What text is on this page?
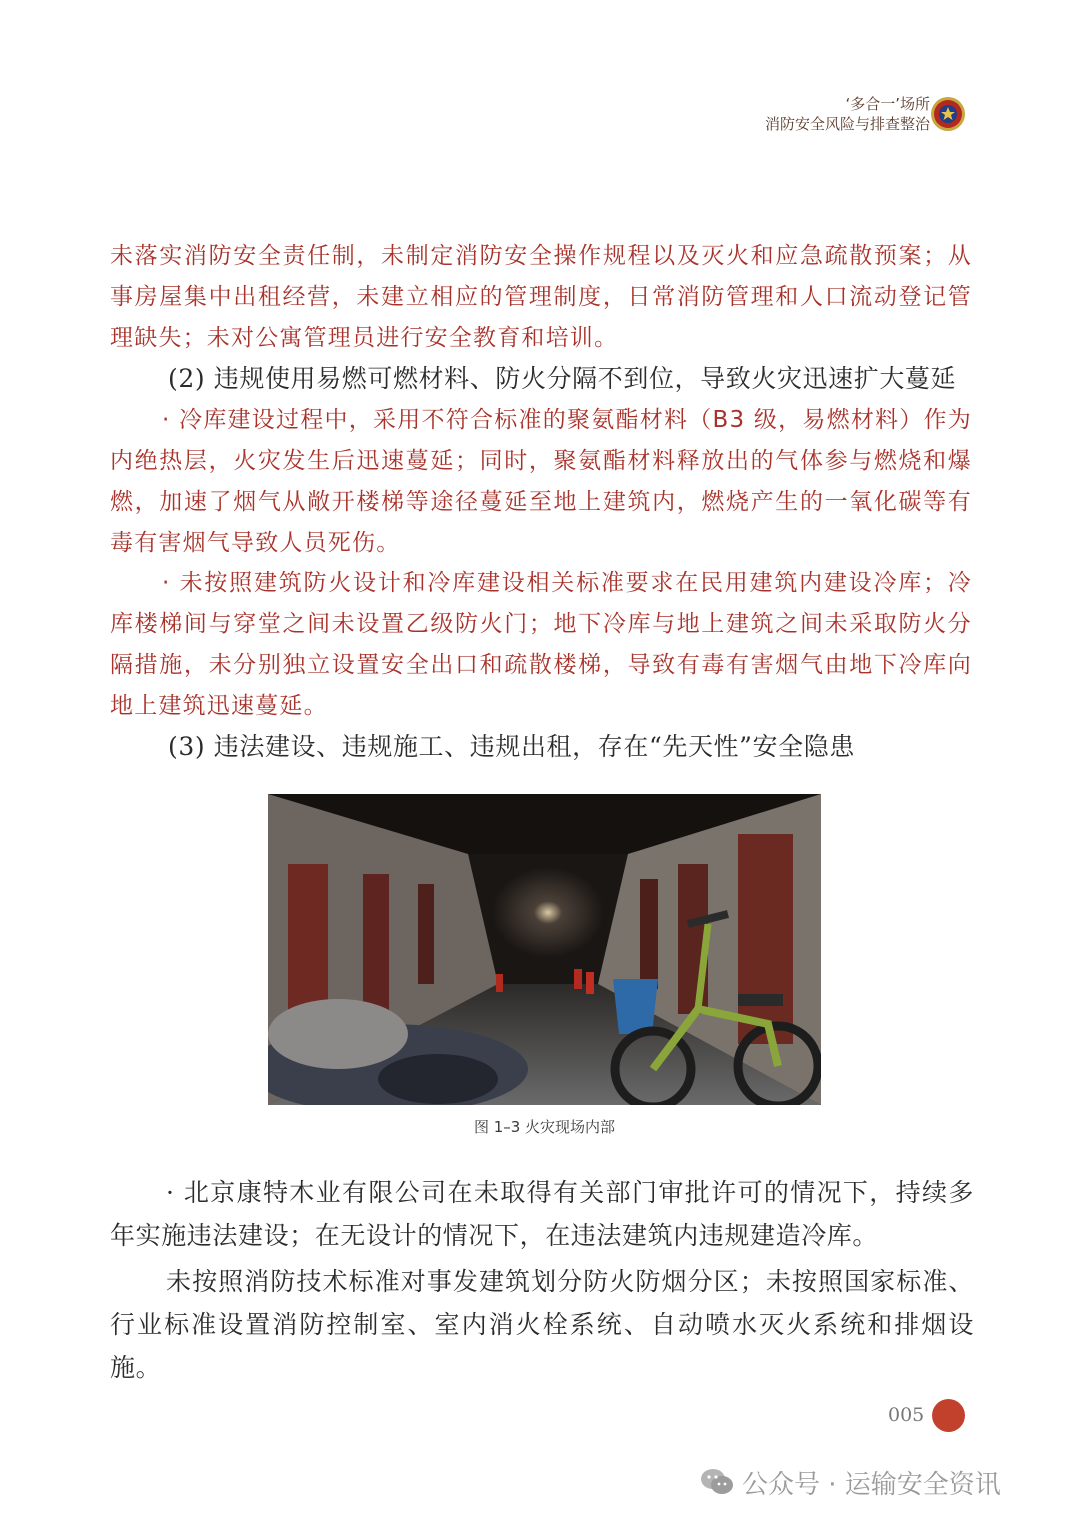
‘多合一’场所
消防安全风险与排查整治

未落实消防安全责任制，未制定消防安全操作规程以及灭火和应急疏散预案；从事房屋集中出租经营，未建立相应的管理制度，日常消防管理和人口流动登记管理缺失；未对公寓管理员进行安全教育和培训。

(2) 违规使用易燃可燃材料、防火分隔不到位，导致火灾迅速扩大蔓延

· 冷库建设过程中，采用不符合标准的聚氨酯材料（B3 级，易燃材料）作为内绝热层，火灾发生后迅速蔓延；同时，聚氨酯材料释放出的气体参与燃烧和爆燃，加速了烟气从敞开楼梯等途径蔓延至地上建筑内，燃烧产生的一氧化碳等有毒有害烟气导致人员死伤。

· 未按照建筑防火设计和冷库建设相关标准要求在民用建筑内建设冷库；冷库楼梯间与穿堂之间未设置乙级防火门；地下冷库与地上建筑之间未采取防火分隔措施，未分别独立设置安全出口和疏散楼梯，导致有毒有害烟气由地下冷库向地上建筑迅速蔓延。

(3) 违法建设、违规施工、违规出租，存在“先天性”安全隐患

图 1–3 火灾现场内部

· 北京康特木业有限公司在未取得有关部门审批许可的情况下，持续多年实施违法建设；在无设计的情况下，在违法建筑内违规建造冷库。

未按照消防技术标准对事发建筑划分防火防烟分区；未按照国家标准、行业标准设置消防控制室、室内消火栓系统、自动喷水灭火系统和排烟设施。

005
公众号 · 运输安全资讯
